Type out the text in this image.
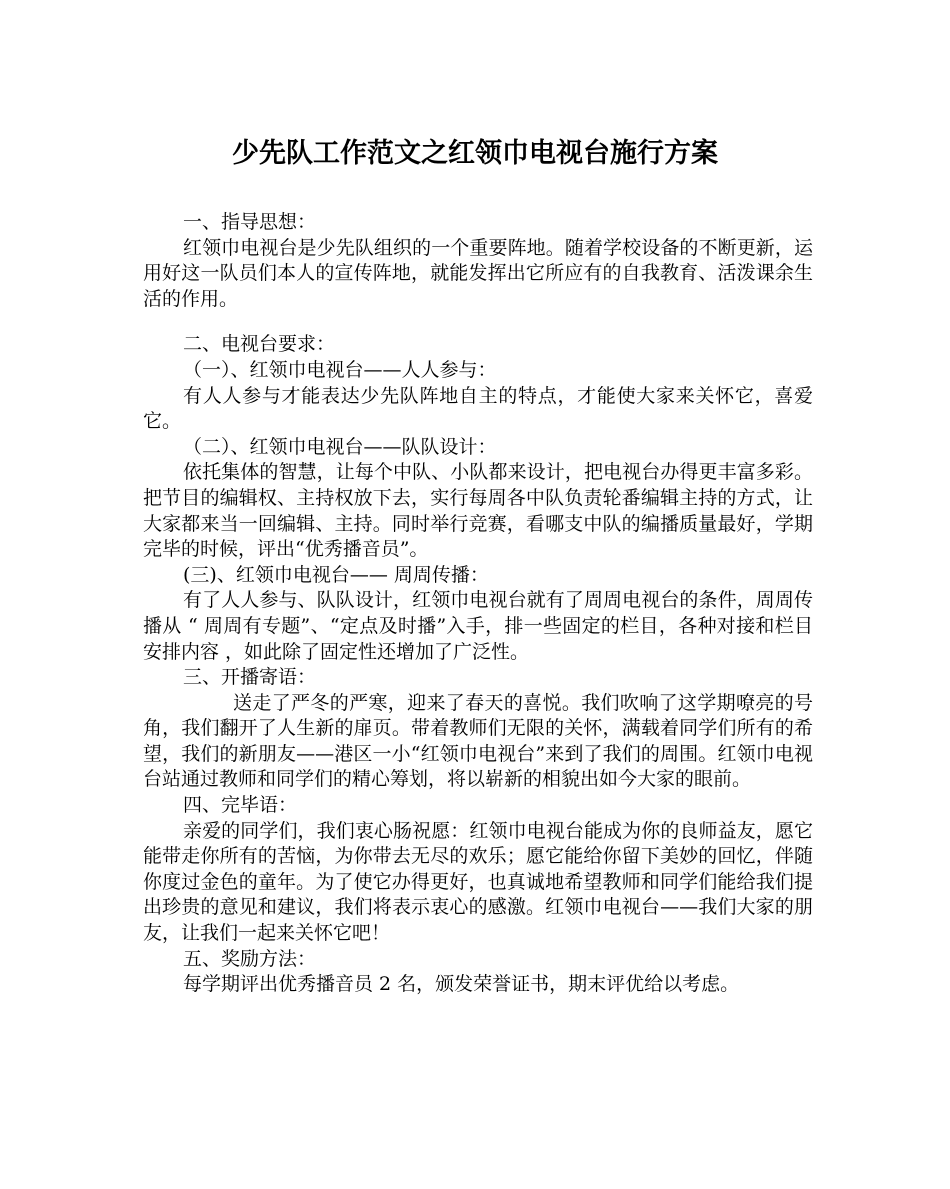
少先队工作范文之红领巾电视台施行方案

一、指导思想：

红领巾电视台是少先队组织的一个重要阵地。随着学校设备的不断更新，运用好这一队员们本人的宣传阵地，就能发挥出它所应有的自我教育、活泼课余生活的作用。

二、电视台要求：

（一）、红领巾电视台——人人参与：

有人人参与才能表达少先队阵地自主的特点，才能使大家来关怀它，喜爱它。

（二）、红领巾电视台——队队设计：

依托集体的智慧，让每个中队、小队都来设计，把电视台办得更丰富多彩。把节目的编辑权、主持权放下去，实行每周各中队负责轮番编辑主持的方式，让大家都来当一回编辑、主持。同时举行竞赛，看哪支中队的编播质量最好，学期完毕的时候，评出“优秀播音员”。

(三)、红领巾电视台—— 周周传播：

有了人人参与、队队设计，红领巾电视台就有了周周电视台的条件，周周传播从 “ 周周有专题”、“定点及时播”入手，排一些固定的栏目，各种对接和栏目安排内容 ，如此除了固定性还增加了广泛性。

三、开播寄语：

送走了严冬的严寒，迎来了春天的喜悦。我们吹响了这学期嘹亮的号角，我们翻开了人生新的扉页。带着教师们无限的关怀，满载着同学们所有的希望，我们的新朋友——港区一小“红领巾电视台”来到了我们的周围。红领巾电视台站通过教师和同学们的精心筹划，将以崭新的相貌出如今大家的眼前。

四、完毕语：

亲爱的同学们，我们衷心肠祝愿：红领巾电视台能成为你的良师益友，愿它能带走你所有的苦恼，为你带去无尽的欢乐；愿它能给你留下美妙的回忆，伴随你度过金色的童年。为了使它办得更好，也真诚地希望教师和同学们能给我们提出珍贵的意见和建议，我们将表示衷心的感激。红领巾电视台——我们大家的朋友，让我们一起来关怀它吧！

五、奖励方法：

每学期评出优秀播音员 2 名，颁发荣誉证书，期末评优给以考虑。
